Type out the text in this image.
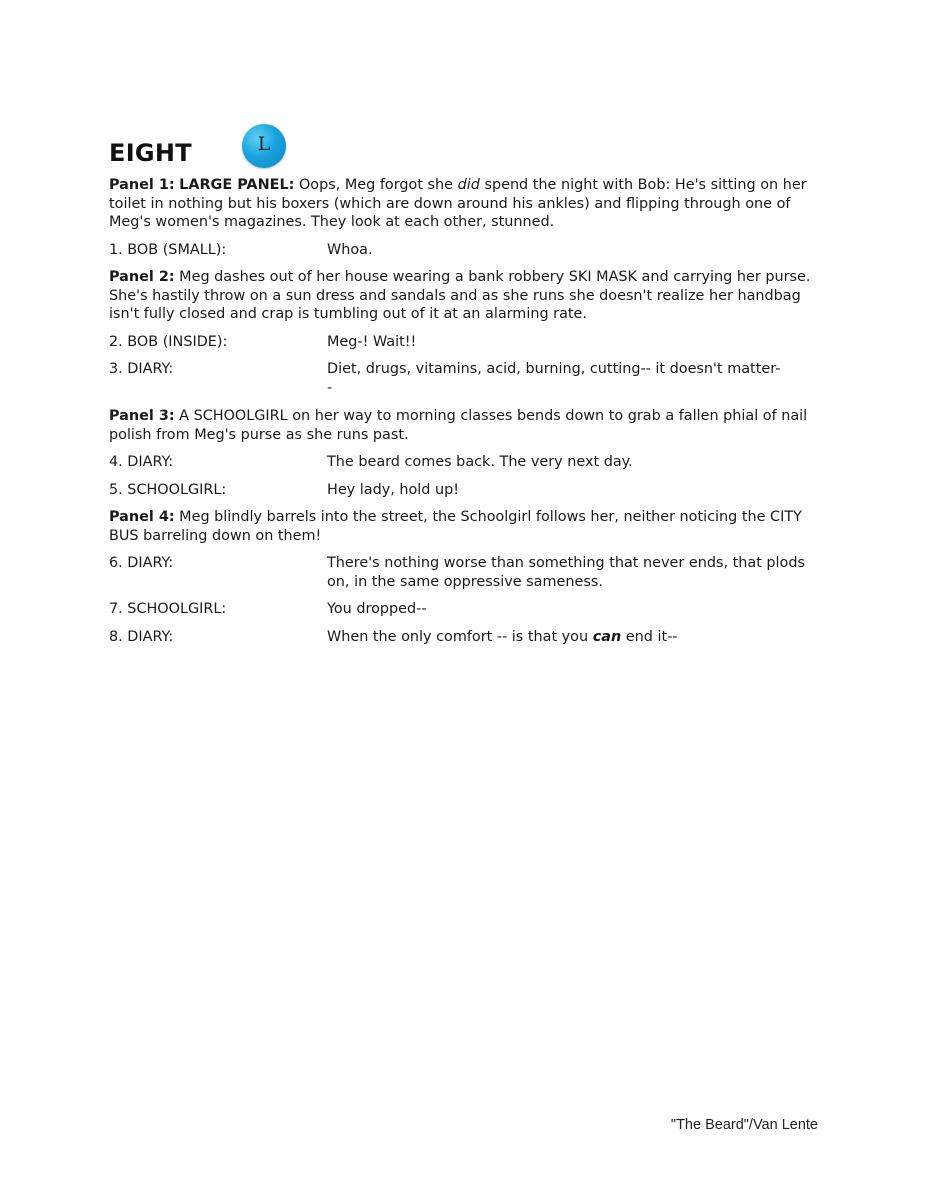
EIGHT	L

Panel 1: LARGE PANEL: Oops, Meg forgot she did spend the night with Bob: He's sitting on her toilet in nothing but his boxers (which are down around his ankles) and flipping through one of Meg's women's magazines. They look at each other, stunned.

1. BOB (SMALL):	Whoa.

Panel 2: Meg dashes out of her house wearing a bank robbery SKI MASK and carrying her purse. She's hastily throw on a sun dress and sandals and as she runs she doesn't realize her handbag isn't fully closed and crap is tumbling out of it at an alarming rate.

2. BOB (INSIDE):	Meg-! Wait!!
3. DIARY:	Diet, drugs, vitamins, acid, burning, cutting-- it doesn't matter-
-

Panel 3: A SCHOOLGIRL on her way to morning classes bends down to grab a fallen phial of nail polish from Meg's purse as she runs past.

4. DIARY:	The beard comes back. The very next day.
5. SCHOOLGIRL:	Hey lady, hold up!

Panel 4: Meg blindly barrels into the street, the Schoolgirl follows her, neither noticing the CITY BUS barreling down on them!

6. DIARY:	There's nothing worse than something that never ends, that plods on, in the same oppressive sameness.
7. SCHOOLGIRL:	You dropped--
8. DIARY:	When the only comfort -- is that you can end it--
"The Beard"/Van Lente
